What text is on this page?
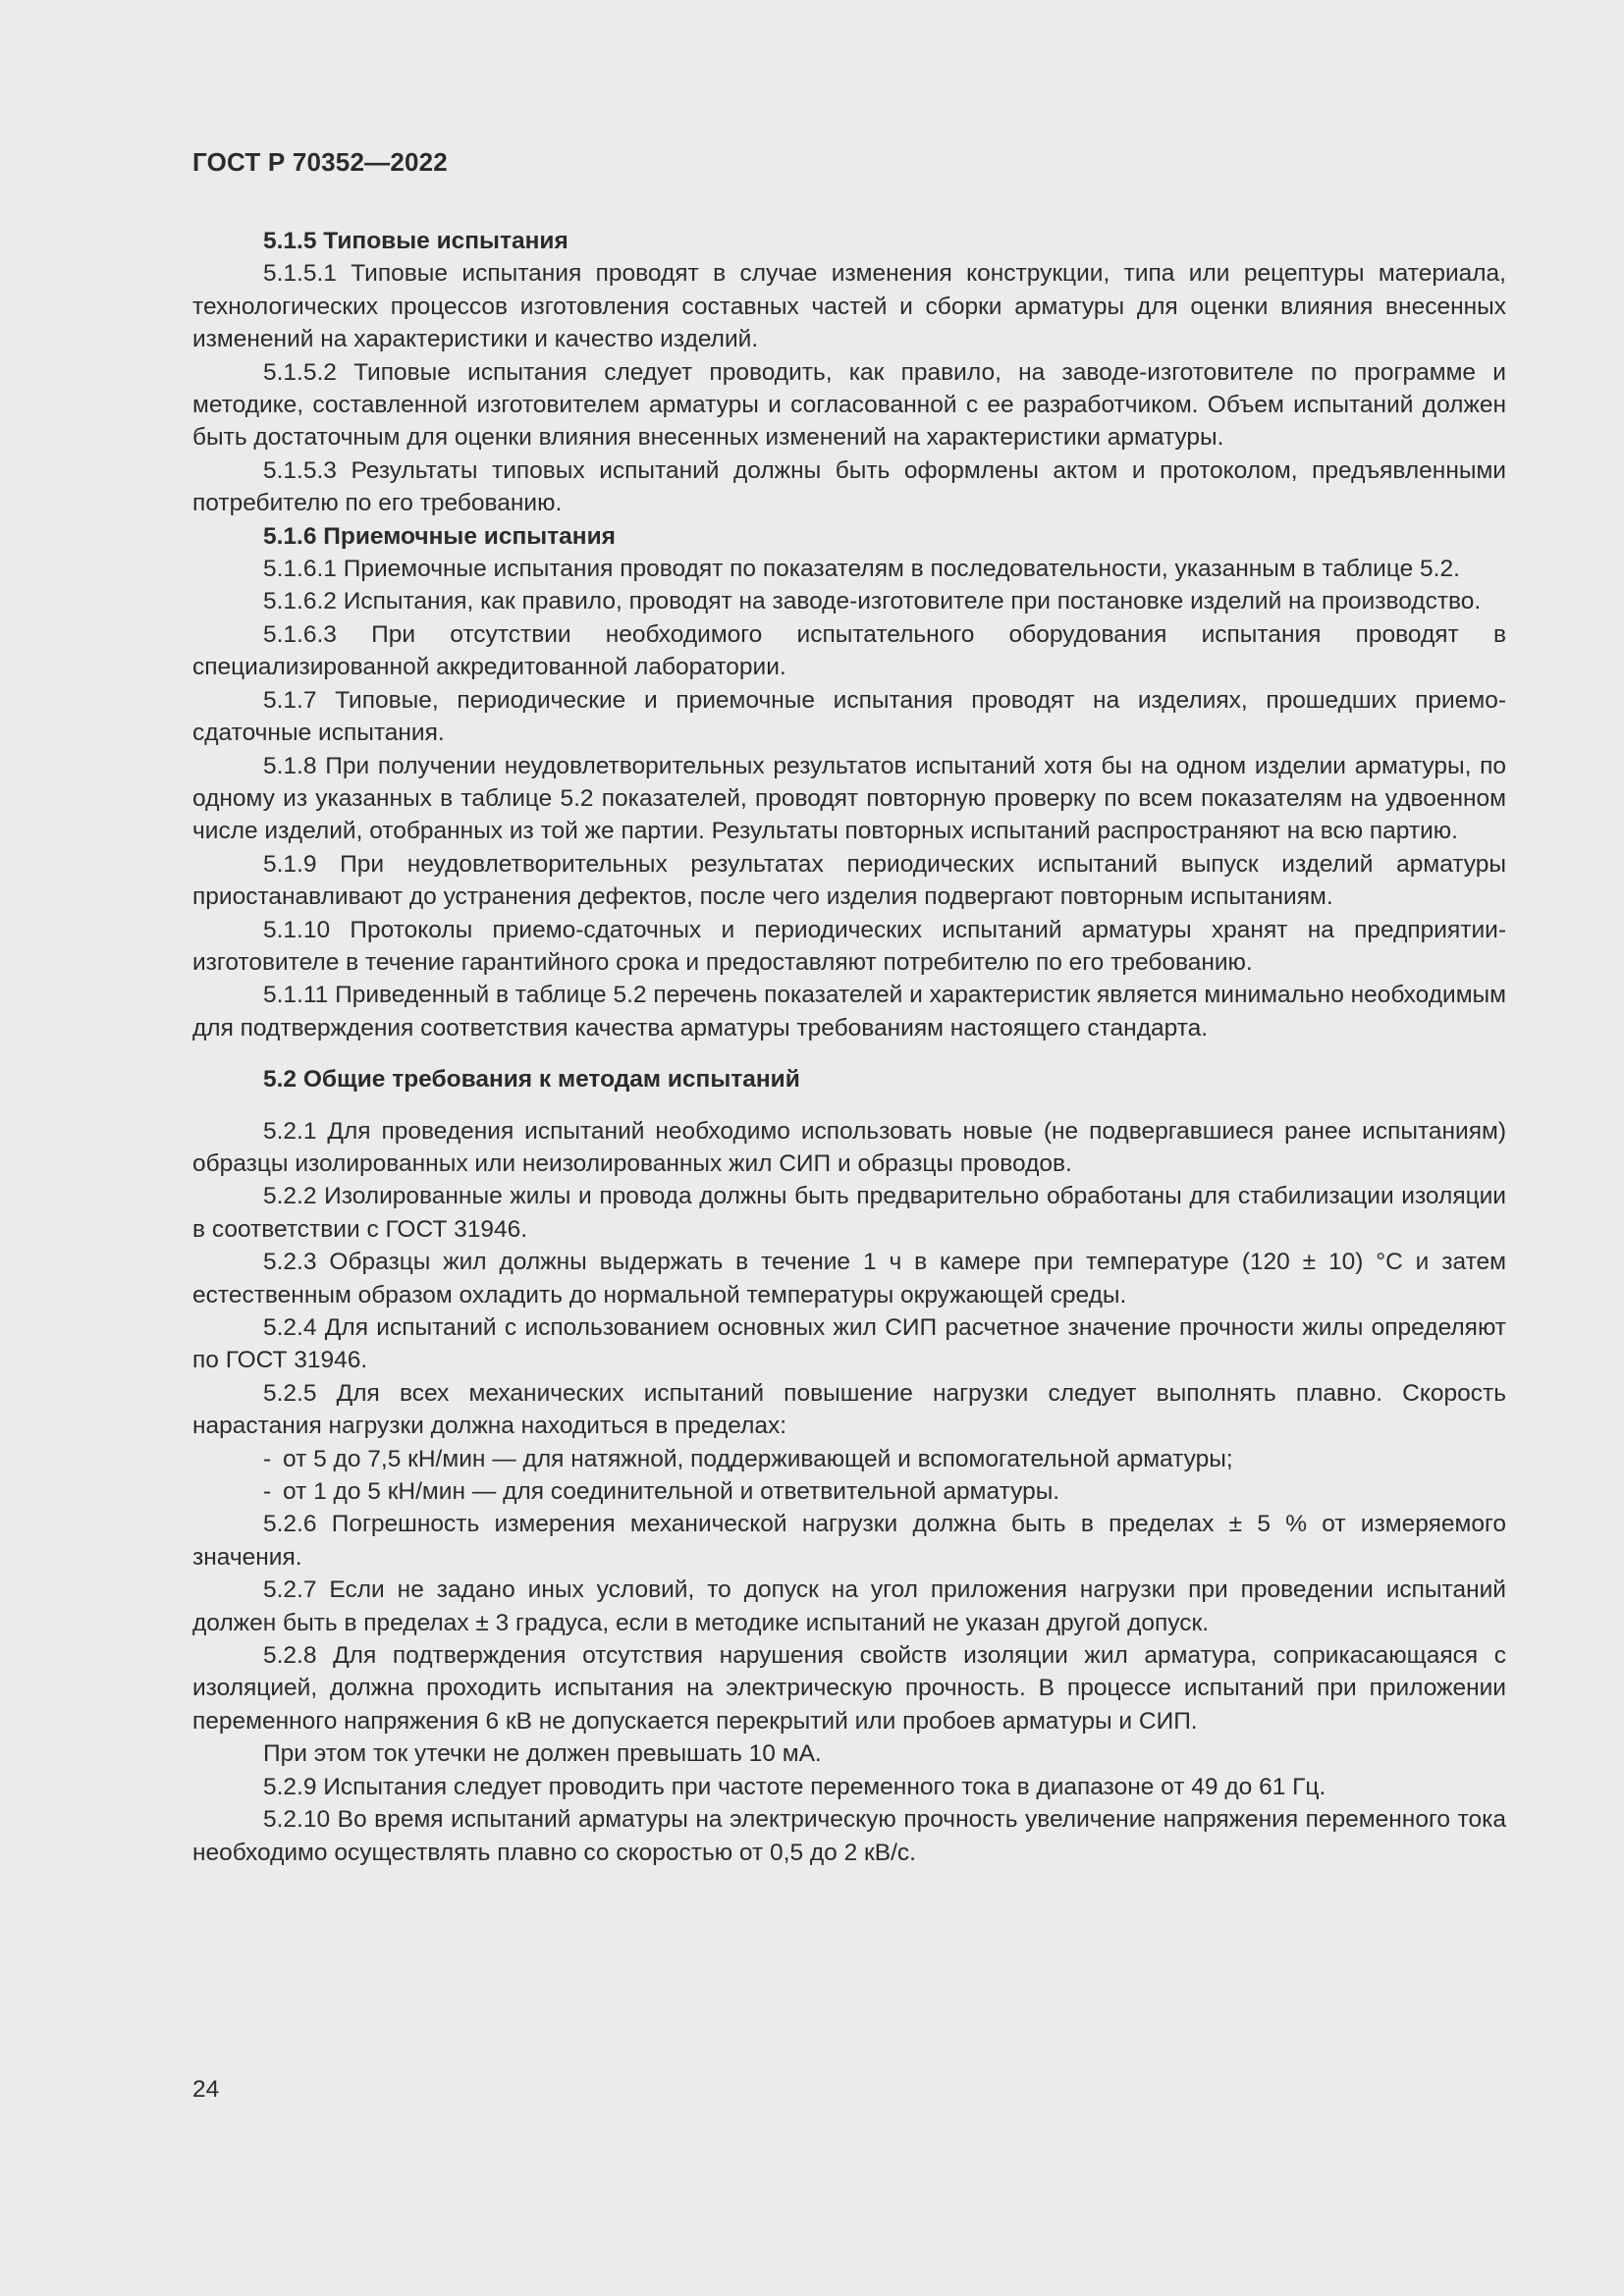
ГОСТ Р 70352—2022
5.1.5 Типовые испытания

5.1.5.1 Типовые испытания проводят в случае изменения конструкции, типа или рецептуры материала, технологических процессов изготовления составных частей и сборки арматуры для оценки влияния внесенных изменений на характеристики и качество изделий.

5.1.5.2 Типовые испытания следует проводить, как правило, на заводе-изготовителе по программе и методике, составленной изготовителем арматуры и согласованной с ее разработчиком. Объем испытаний должен быть достаточным для оценки влияния внесенных изменений на характеристики арматуры.

5.1.5.3 Результаты типовых испытаний должны быть оформлены актом и протоколом, предъявленными потребителю по его требованию.

5.1.6 Приемочные испытания

5.1.6.1 Приемочные испытания проводят по показателям в последовательности, указанным в таблице 5.2.

5.1.6.2 Испытания, как правило, проводят на заводе-изготовителе при постановке изделий на производство.

5.1.6.3 При отсутствии необходимого испытательного оборудования испытания проводят в специализированной аккредитованной лаборатории.

5.1.7 Типовые, периодические и приемочные испытания проводят на изделиях, прошедших приемо-сдаточные испытания.

5.1.8 При получении неудовлетворительных результатов испытаний хотя бы на одном изделии арматуры, по одному из указанных в таблице 5.2 показателей, проводят повторную проверку по всем показателям на удвоенном числе изделий, отобранных из той же партии. Результаты повторных испытаний распространяют на всю партию.

5.1.9 При неудовлетворительных результатах периодических испытаний выпуск изделий арматуры приостанавливают до устранения дефектов, после чего изделия подвергают повторным испытаниям.

5.1.10 Протоколы приемо-сдаточных и периодических испытаний арматуры хранят на предприятии-изготовителе в течение гарантийного срока и предоставляют потребителю по его требованию.

5.1.11 Приведенный в таблице 5.2 перечень показателей и характеристик является минимально необходимым для подтверждения соответствия качества арматуры требованиям настоящего стандарта.

5.2 Общие требования к методам испытаний

5.2.1 Для проведения испытаний необходимо использовать новые (не подвергавшиеся ранее испытаниям) образцы изолированных или неизолированных жил СИП и образцы проводов.

5.2.2 Изолированные жилы и провода должны быть предварительно обработаны для стабилизации изоляции в соответствии с ГОСТ 31946.

5.2.3 Образцы жил должны выдержать в течение 1 ч в камере при температуре (120 ± 10) °С и затем естественным образом охладить до нормальной температуры окружающей среды.

5.2.4 Для испытаний с использованием основных жил СИП расчетное значение прочности жилы определяют по ГОСТ 31946.

5.2.5 Для всех механических испытаний повышение нагрузки следует выполнять плавно. Скорость нарастания нагрузки должна находиться в пределах:

- от 5 до 7,5 кН/мин — для натяжной, поддерживающей и вспомогательной арматуры;

- от 1 до 5 кН/мин — для соединительной и ответвительной арматуры.

5.2.6 Погрешность измерения механической нагрузки должна быть в пределах ± 5 % от измеряемого значения.

5.2.7 Если не задано иных условий, то допуск на угол приложения нагрузки при проведении испытаний должен быть в пределах ± 3 градуса, если в методике испытаний не указан другой допуск.

5.2.8 Для подтверждения отсутствия нарушения свойств изоляции жил арматура, соприкасающаяся с изоляцией, должна проходить испытания на электрическую прочность. В процессе испытаний при приложении переменного напряжения 6 кВ не допускается перекрытий или пробоев арматуры и СИП.

При этом ток утечки не должен превышать 10 мА.

5.2.9 Испытания следует проводить при частоте переменного тока в диапазоне от 49 до 61 Гц.

5.2.10 Во время испытаний арматуры на электрическую прочность увеличение напряжения переменного тока необходимо осуществлять плавно со скоростью от 0,5 до 2 кВ/с.

24
